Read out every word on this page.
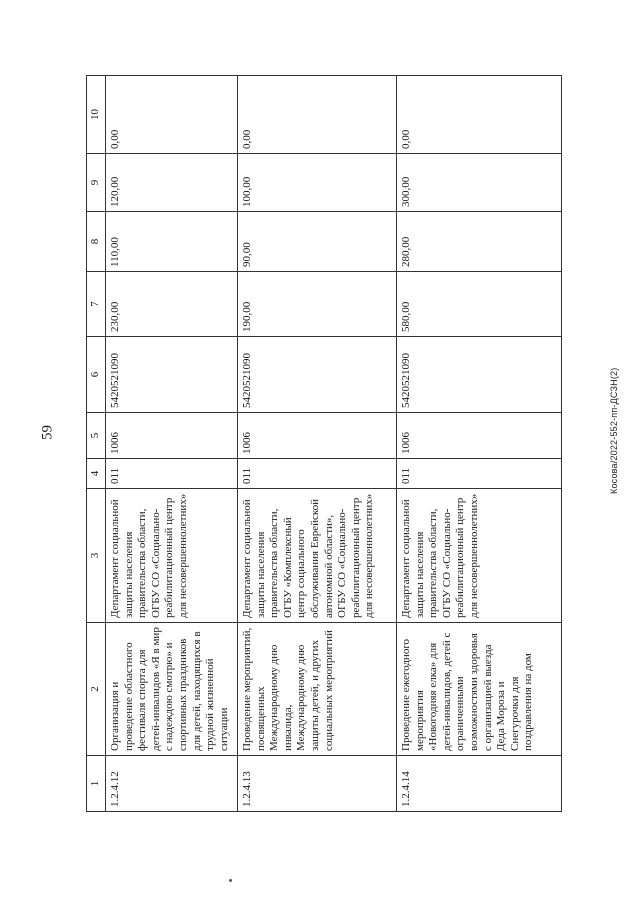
59
1	2	3	4	5	6	7	8	9	10
1.2.4.12	Организация и проведение областного фестиваля спорта для детей-инвалидов «Я в мир с надеждою смотрю» и спортивных праздников для детей, находящихся в трудной жизненной ситуации	Департамент социальной защиты населения правительства области, ОГБУ СО «Социально-реабилитационный центр для несовершеннолетних»	011	1006	5420521090	230,00	110,00	120,00	0,00
1.2.4.13	Проведение мероприятий, посвященных Международному дню инвалида, Международному дню защиты детей, и других социальных мероприятий	Департамент социальной защиты населения правительства области, ОГБУ «Комплексный центр социального обслуживания Еврейской автономной области», ОГБУ СО «Социально-реабилитационный центр для несовершеннолетних»	011	1006	5420521090	190,00	90,00	100,00	0,00
1.2.4.14	Проведение ежегодного мероприятия «Новогодняя елка» для детей-инвалидов, детей с ограниченными возможностями здоровья с организацией выезда Деда Мороза и Снегурочки для поздравления на дом	Департамент социальной защиты населения правительства области, ОГБУ СО «Социально-реабилитационный центр для несовершеннолетних»	011	1006	5420521090	580,00	280,00	300,00	0,00
Косова/2022-552-пп-ДСЗН(2)
